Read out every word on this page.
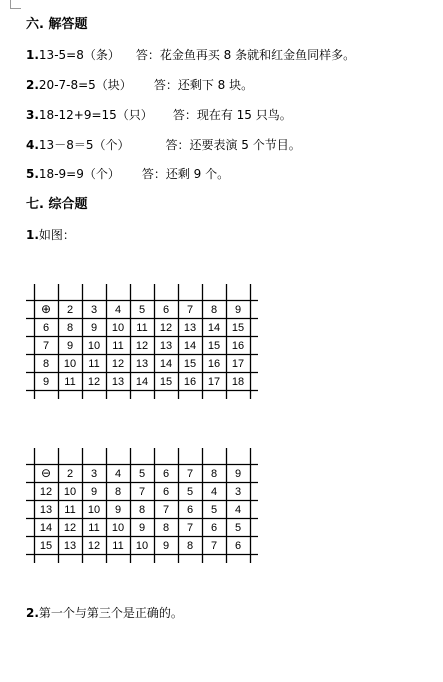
六. 解答题
1.13-5=8（条） 答：花金鱼再买 8 条就和红金鱼同样多。
2.20-7-8=5（块） 答：还剩下 8 块。
3.18-12+9=15（只） 答：现在有 15 只鸟。
4.13－8＝5（个）	答：还要表演 5 个节目。
5.18-9=9（个） 答：还剩 9 个。
七. 综合题
1.如图：
⊕ 2 3 4 5 6 7 8 9
6 8 9 10 11 12 13 14 15
7 9 10 11 12 13 14 15 16
8 10 11 12 13 14 15 16 17
9 11 12 13 14 15 16 17 18
⊖ 2 3 4 5 6 7 8 9
12 10 9 8 7 6 5 4 3
13 11 10 9 8 7 6 5 4
14 12 11 10 9 8 7 6 5
15 13 12 11 10 9 8 7 6
2.第一个与第三个是正确的。
